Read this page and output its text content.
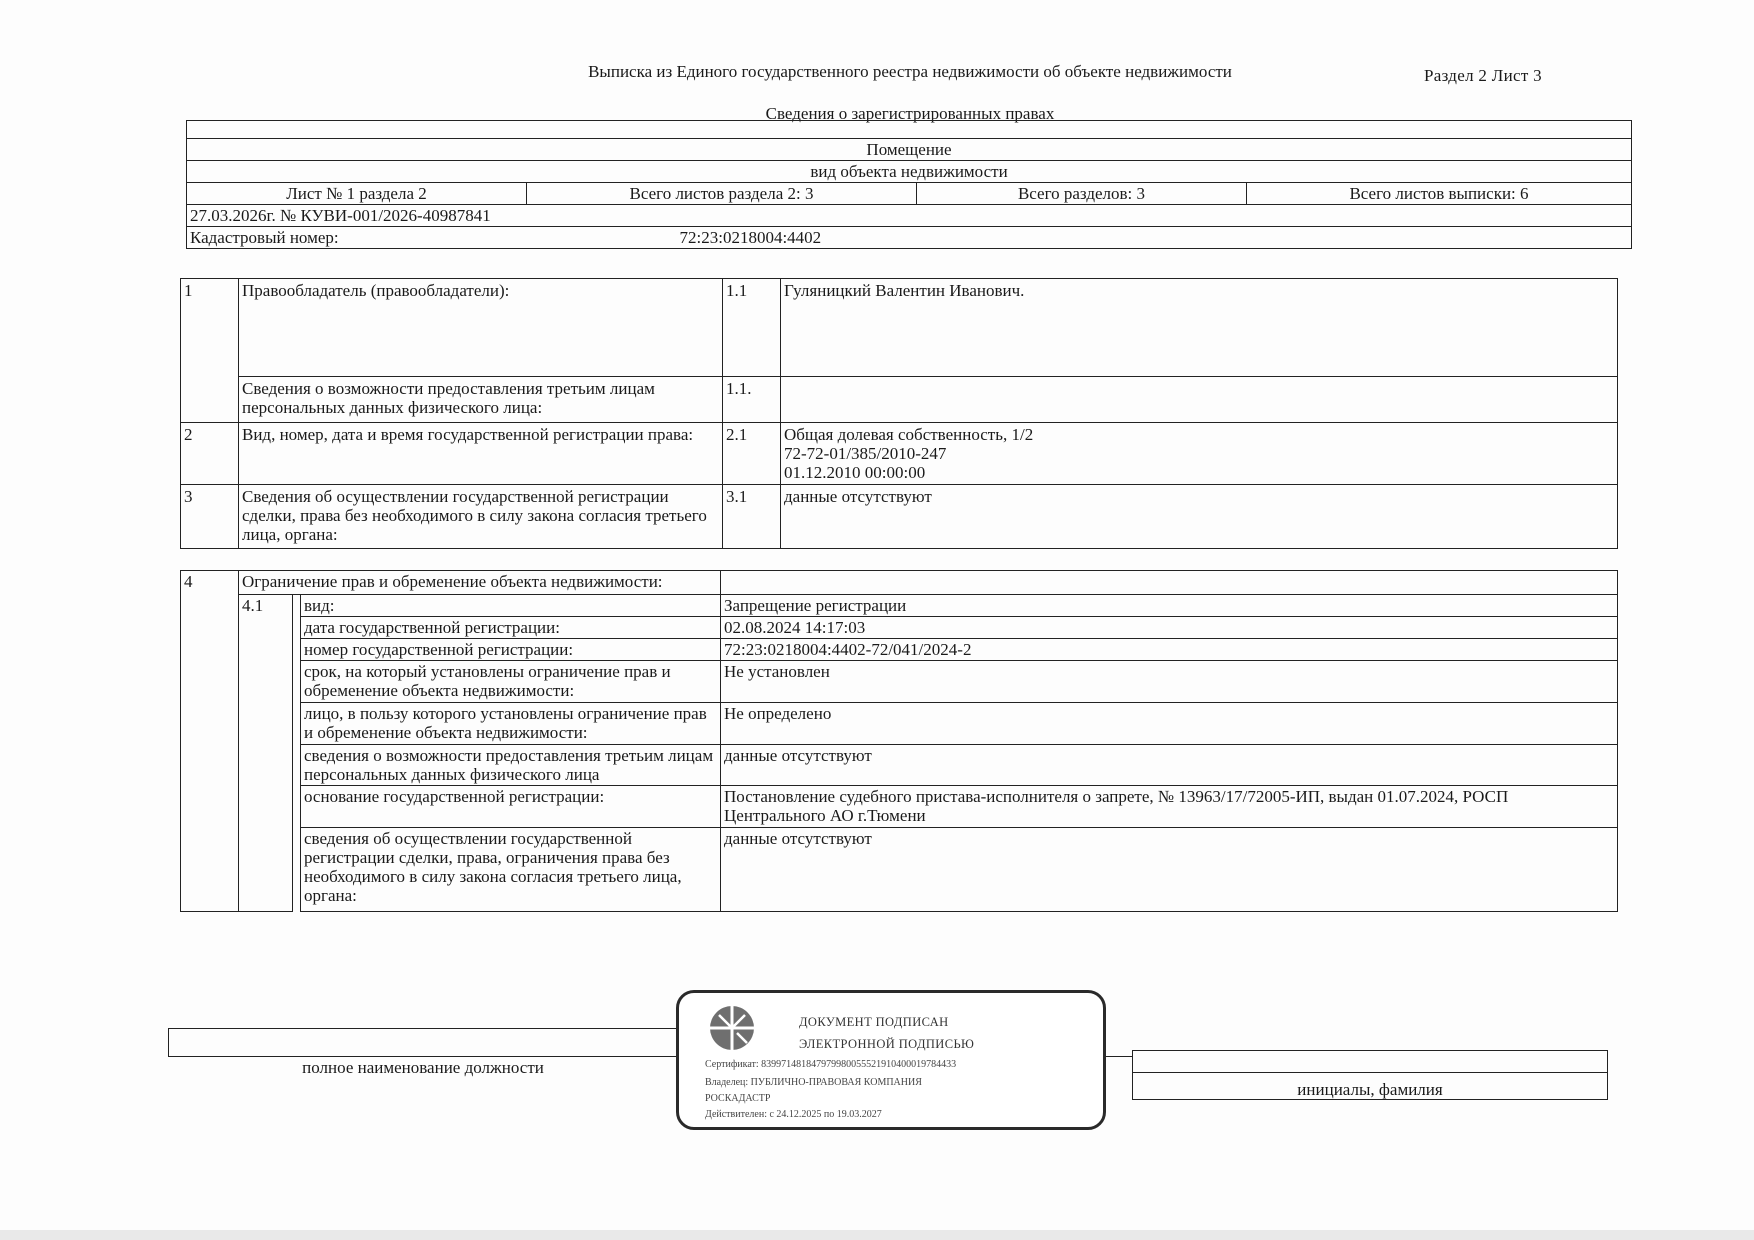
Выписка из Единого государственного реестра недвижимости об объекте недвижимости
Сведения о зарегистрированных правах
Раздел 2 Лист 3

Помещение			
вид объекта недвижимости			
Лист № 1 раздела 2	Всего листов раздела 2: 3	Всего разделов: 3	Всего листов выписки: 6
27.03.2026г. № КУВИ-001/2026-40987841			
Кадастровый номер:		72:23:0218004:4402	
1	Правообладатель (правообладатели):	1.1	Гуляницкий Валентин Иванович.
	Сведения о возможности предоставления третьим лицам персональных данных физического лица:	1.1.	
2	Вид, номер, дата и время государственной регистрации права:	2.1	Общая долевая собственность, 1/2
72-72-01/385/2010-247
01.12.2010 00:00:00

3	Сведения об осуществлении государственной регистрации сделки, права без необходимого в силу закона согласия третьего лица, органа:	3.1	данные отсутствуют
4	Ограничение прав и обременение объекта недвижимости:			
	4.1		вид:	Запрещение регистрации
			дата государственной регистрации:	02.08.2024 14:17:03
			номер государственной регистрации:	72:23:0218004:4402-72/041/2024-2
			срок, на который установлены ограничение прав и обременение объекта недвижимости:	Не установлен
			лицо, в пользу которого установлены ограничение прав и обременение объекта недвижимости:	Не определено
			сведения о возможности предоставления третьим лицам персональных данных физического лица	данные отсутствуют
			основание государственной регистрации:	Постановление судебного пристава-исполнителя о запрете, № 13963/17/72005-ИП, выдан 01.07.2024, РОСП Центрального АО г.Тюмени
			сведения об осуществлении государственной регистрации сделки, права, ограничения права без необходимого в силу закона согласия третьего лица, органа:	данные отсутствуют
полное наименование должности
инициалы, фамилия
ДОКУМЕНТ ПОДПИСАН
ЭЛЕКТРОННОЙ ПОДПИСЬЮ
Сертификат: 839971481847979980055521910400019784433
Владелец: ПУБЛИЧНО-ПРАВОВАЯ КОМПАНИЯ
РОСКАДАСТР
Действителен: с 24.12.2025 по 19.03.2027
